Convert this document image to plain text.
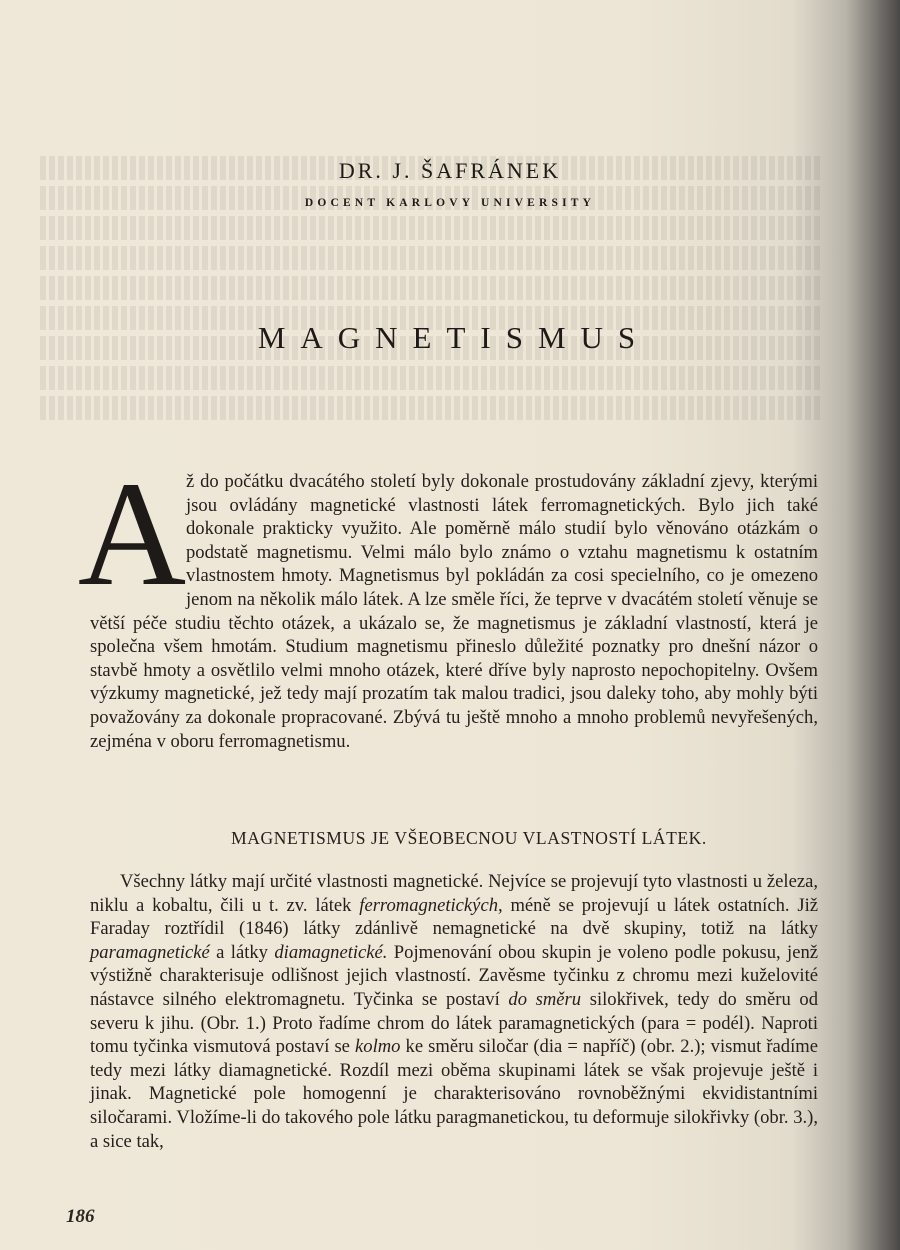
DR. J. ŠAFRÁNEK
DOCENT KARLOVY UNIVERSITY
MAGNETISMUS
A ž do počátku dvacátého století byly dokonale prostudovány základní zjevy, kterými jsou ovládány magnetické vlastnosti látek ferromagnetických. Bylo jich také dokonale prakticky využito. Ale poměrně málo studií bylo věnováno otázkám o podstatě magnetismu. Velmi málo bylo známo o vztahu magnetismu k ostatním vlastnostem hmoty. Magnetismus byl pokládán za cosi specielního, co je omezeno jenom na několik málo látek. A lze směle říci, že teprve v dvacátém století věnuje se větší péče studiu těchto otázek, a ukázalo se, že magnetismus je základní vlastností, která je společna všem hmotám. Studium magnetismu přineslo důležité poznatky pro dnešní názor o stavbě hmoty a osvětlilo velmi mnoho otázek, které dříve byly naprosto nepochopitelny. Ovšem výzkumy magnetické, jež tedy mají prozatím tak malou tradici, jsou daleky toho, aby mohly býti považovány za dokonale propracované. Zbývá tu ještě mnoho a mnoho problemů nevyřešených, zejména v oboru ferromagnetismu.
MAGNETISMUS JE VŠEOBECNOU VLASTNOSTÍ LÁTEK.
Všechny látky mají určité vlastnosti magnetické. Nejvíce se projevují tyto vlastnosti u železa, niklu a kobaltu, čili u t. zv. látek ferromagnetických, méně se projevují u látek ostatních. Již Faraday roztřídil (1846) látky zdánlivě nemagnetické na dvě skupiny, totiž na látky paramagnetické a látky diamagnetické. Pojmenování obou skupin je voleno podle pokusu, jenž výstižně charakterisuje odlišnost jejich vlastností. Zavěsme tyčinku z chromu mezi kuželovité nástavce silného elektromagnetu. Tyčinka se postaví do směru silokřivek, tedy do směru od severu k jihu. (Obr. 1.) Proto řadíme chrom do látek paramagnetických (para = podél). Naproti tomu tyčinka vismutová postaví se kolmo ke směru siločar (dia = napříč) (obr. 2.); vismut řadíme tedy mezi látky diamagnetické. Rozdíl mezi oběma skupinami látek se však projevuje ještě i jinak. Magnetické pole homogenní je charakterisováno rovnoběžnými ekvidistantními siločarami. Vložíme-li do takového pole látku paragmanetickou, tu deformuje silokřivky (obr. 3.), a sice tak,
186
